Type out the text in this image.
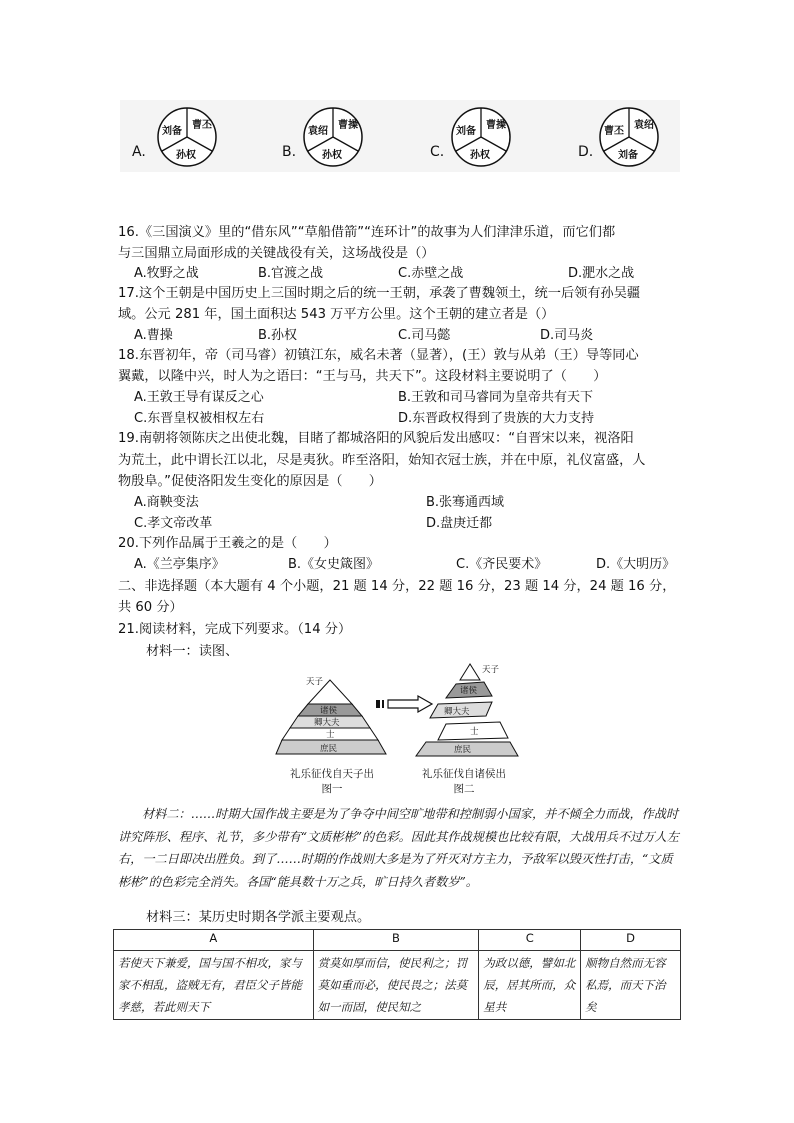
A.
曹丕
孙权
刘备
B.
曹操
孙权
袁绍
C.
曹操
孙权
刘备
D.
袁绍
刘备
曹丕
16.《三国演义》里的“借东风”“草船借箭”“连环计”的故事为人们津津乐道，而它们都
与三国鼎立局面形成的关键战役有关，这场战役是（）
A.牧野之战	B.官渡之战	C.赤壁之战	D.淝水之战
17.这个王朝是中国历史上三国时期之后的统一王朝，承袭了曹魏领土，统一后领有孙吴疆
域。公元 281 年，国土面积达 543 万平方公里。这个王朝的建立者是（）
A.曹操	B.孙权	C.司马懿	D.司马炎
18.东晋初年，帝（司马睿）初镇江东，威名未著（显著），(王）敦与从弟（王）导等同心
翼戴，以隆中兴，时人为之语曰：“王与马，共天下”。这段材料主要说明了（　　）
A.王敦王导有谋反之心	B.王敦和司马睿同为皇帝共有天下
C.东晋皇权被相权左右	D.东晋政权得到了贵族的大力支持
19.南朝将领陈庆之出使北魏，目睹了都城洛阳的风貌后发出感叹：“自晋宋以来，视洛阳
为荒土，此中谓长江以北，尽是夷狄。昨至洛阳，始知衣冠士族，并在中原，礼仪富盛，人
物殷阜。”促使洛阳发生变化的原因是（　　）
A.商鞅变法	B.张骞通西域
C.孝文帝改革	D.盘庚迁都
20.下列作品属于王羲之的是（　　）
A.《兰亭集序》	B.《女史箴图》	C.《齐民要术》	D.《大明历》
二、非选择题（本大题有 4 个小题，21 题 14 分，22 题 16 分，23 题 14 分，24 题 16 分，
共 60 分）
21.阅读材料，完成下列要求。（14 分）
材料一：读图、
天子
诸侯
卿大夫
士
庶民
天子
诸侯
卿大夫
士
庶民
礼乐征伐自天子出
图一
礼乐征伐自诸侯出
图二
材料二：……时期大国作战主要是为了争夺中间空旷地带和控制弱小国家，并不倾全力而战，作战时讲究阵形、程序、礼节，多少带有“文质彬彬”的色彩。因此其作战规模也比较有限，大战用兵不过万人左右，一二日即决出胜负。到了……时期的作战则大多是为了歼灭对方主力，予敌军以毁灭性打击，“文质彬彬”的色彩完全消失。各国“能具数十万之兵，旷日持久者数岁”。
材料三：某历史时期各学派主要观点。
A	B	C	D
若使天下兼爱，国与国不相攻，家与家不相乱，盗贼无有，君臣父子皆能孝慈，若此则天下	赏莫如厚而信，使民利之；罚莫如重而必，使民畏之；法莫如一而固，使民知之	为政以德，譬如北辰，居其所而，众星共	顺物自然而无容私焉，而天下治矣
